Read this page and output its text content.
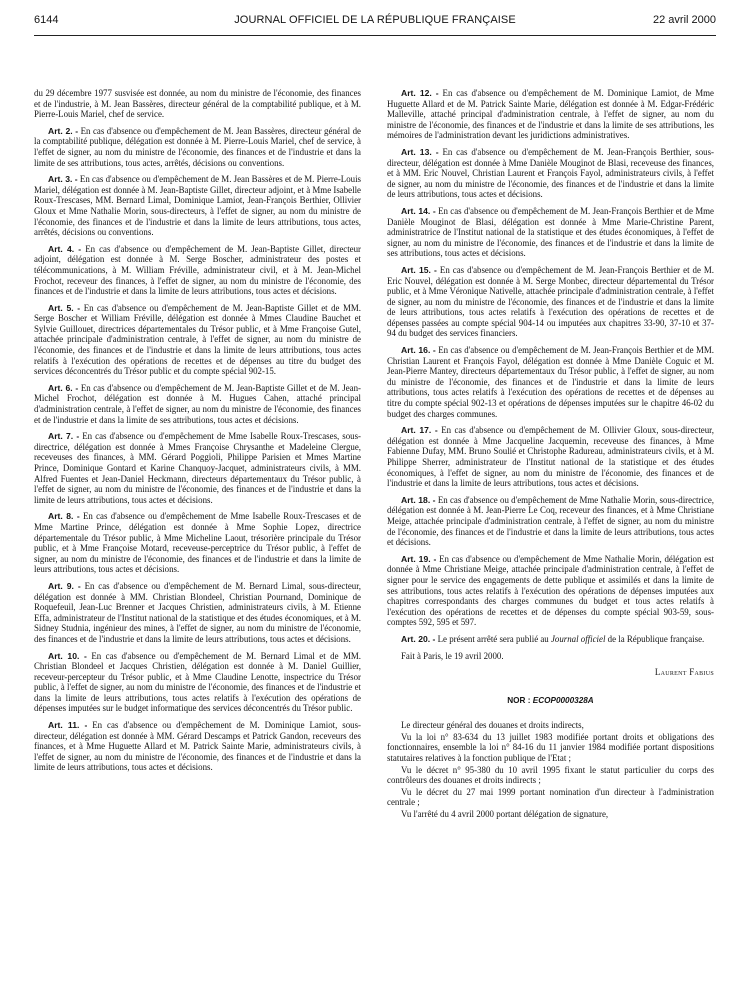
6144	JOURNAL OFFICIEL DE LA RÉPUBLIQUE FRANÇAISE	22 avril 2000

du 29 décembre 1977 susvisée est donnée, au nom du ministre de l'économie, des finances et de l'industrie, à M. Jean Bassères, directeur général de la comptabilité publique, et à M. Pierre-Louis Mariel, chef de service.

Art. 2. - En cas d'absence ou d'empêchement de M. Jean Bassères, directeur général de la comptabilité publique, délégation est donnée à M. Pierre-Louis Mariel, chef de service, à l'effet de signer, au nom du ministre de l'économie, des finances et de l'industrie et dans la limite de ses attributions, tous actes, arrêtés, décisions ou conventions.

Art. 3. - En cas d'absence ou d'empêchement de M. Jean Bassères et de M. Pierre-Louis Mariel, délégation est donnée à M. Jean-Baptiste Gillet, directeur adjoint, et à Mme Isabelle Roux-Trescases, MM. Bernard Limal, Dominique Lamiot, Jean-François Berthier, Ollivier Gloux et Mme Nathalie Morin, sous-directeurs, à l'effet de signer, au nom du ministre de l'économie, des finances et de l'industrie et dans la limite de leurs attributions, tous actes, arrêtés, décisions ou conventions.

Art. 4. - En cas d'absence ou d'empêchement de M. Jean-Baptiste Gillet, directeur adjoint, délégation est donnée à M. Serge Boscher, administrateur des postes et télécommunications, à M. William Fréville, administrateur civil, et à M. Jean-Michel Frochot, receveur des finances, à l'effet de signer, au nom du ministre de l'économie, des finances et de l'industrie et dans la limite de leurs attributions, tous actes et décisions.

Art. 5. - En cas d'absence ou d'empêchement de M. Jean-Baptiste Gillet et de MM. Serge Boscher et William Fréville, délégation est donnée à Mmes Claudine Bauchet et Sylvie Guillouet, directrices départementales du Trésor public, et à Mme Françoise Gutel, attachée principale d'administration centrale, à l'effet de signer, au nom du ministre de l'économie, des finances et de l'industrie et dans la limite de leurs attributions, tous actes relatifs à l'exécution des opérations de recettes et de dépenses au titre du budget des services déconcentrés du Trésor public et du compte spécial 902-15.

Art. 6. - En cas d'absence ou d'empêchement de M. Jean-Baptiste Gillet et de M. Jean-Michel Frochot, délégation est donnée à M. Hugues Cahen, attaché principal d'administration centrale, à l'effet de signer, au nom du ministre de l'économie, des finances et de l'industrie et dans la limite de ses attributions, tous actes et décisions.

Art. 7. - En cas d'absence ou d'empêchement de Mme Isabelle Roux-Trescases, sous-directrice, délégation est donnée à Mmes Françoise Chrysanthe et Madeleine Clergue, receveuses des finances, à MM. Gérard Poggioli, Philippe Parisien et Mmes Martine Prince, Dominique Gontard et Karine Chanquoy-Jacquet, administrateurs civils, à MM. Alfred Fuentes et Jean-Daniel Heckmann, directeurs départementaux du Trésor public, à l'effet de signer, au nom du ministre de l'économie, des finances et de l'industrie et dans la limite de leurs attributions, tous actes et décisions.

Art. 8. - En cas d'absence ou d'empêchement de Mme Isabelle Roux-Trescases et de Mme Martine Prince, délégation est donnée à Mme Sophie Lopez, directrice départementale du Trésor public, à Mme Micheline Laout, trésorière principale du Trésor public, et à Mme Françoise Motard, receveuse-perceptrice du Trésor public, à l'effet de signer, au nom du ministre de l'économie, des finances et de l'industrie et dans la limite de leurs attributions, tous actes et décisions.

Art. 9. - En cas d'absence ou d'empêchement de M. Bernard Limal, sous-directeur, délégation est donnée à MM. Christian Blondeel, Christian Pournand, Dominique de Roquefeuil, Jean-Luc Brenner et Jacques Christien, administrateurs civils, à M. Etienne Effa, administrateur de l'Institut national de la statistique et des études économiques, et à M. Sidney Studnia, ingénieur des mines, à l'effet de signer, au nom du ministre de l'économie, des finances et de l'industrie et dans la limite de leurs attributions, tous actes et décisions.

Art. 10. - En cas d'absence ou d'empêchement de M. Bernard Limal et de MM. Christian Blondeel et Jacques Christien, délégation est donnée à M. Daniel Guillier, receveur-percepteur du Trésor public, et à Mme Claudine Lenotte, inspectrice du Trésor public, à l'effet de signer, au nom du ministre de l'économie, des finances et de l'industrie et dans la limite de leurs attributions, tous actes relatifs à l'exécution des opérations de dépenses imputées sur le budget informatique des services déconcentrés du Trésor public.

Art. 11. - En cas d'absence ou d'empêchement de M. Dominique Lamiot, sous-directeur, délégation est donnée à MM. Gérard Descamps et Patrick Gandon, receveurs des finances, et à Mme Huguette Allard et M. Patrick Sainte Marie, administrateurs civils, à l'effet de signer, au nom du ministre de l'économie, des finances et de l'industrie et dans la limite de leurs attributions, tous actes et décisions.

Art. 12. - En cas d'absence ou d'empêchement de M. Dominique Lamiot, de Mme Huguette Allard et de M. Patrick Sainte Marie, délégation est donnée à M. Edgar-Frédéric Malleville, attaché principal d'administration centrale, à l'effet de signer, au nom du ministre de l'économie, des finances et de l'industrie et dans la limite de ses attributions, les mémoires de l'administration devant les juridictions administratives.

Art. 13. - En cas d'absence ou d'empêchement de M. Jean-François Berthier, sous-directeur, délégation est donnée à Mme Danièle Mouginot de Blasi, receveuse des finances, et à MM. Eric Nouvel, Christian Laurent et François Fayol, administrateurs civils, à l'effet de signer, au nom du ministre de l'économie, des finances et de l'industrie et dans la limite de leurs attributions, tous actes et décisions.

Art. 14. - En cas d'absence ou d'empêchement de M. Jean-François Berthier et de Mme Danièle Mouginot de Blasi, délégation est donnée à Mme Marie-Christine Parent, administratrice de l'Institut national de la statistique et des études économiques, à l'effet de signer, au nom du ministre de l'économie, des finances et de l'industrie et dans la limite de ses attributions, tous actes et décisions.

Art. 15. - En cas d'absence ou d'empêchement de M. Jean-François Berthier et de M. Eric Nouvel, délégation est donnée à M. Serge Monbec, directeur départemental du Trésor public, et à Mme Véronique Nativelle, attachée principale d'administration centrale, à l'effet de signer, au nom du ministre de l'économie, des finances et de l'industrie et dans la limite de leurs attributions, tous actes relatifs à l'exécution des opérations de recettes et de dépenses passées au compte spécial 904-14 ou imputées aux chapitres 33-90, 37-10 et 37-94 du budget des services financiers.

Art. 16. - En cas d'absence ou d'empêchement de M. Jean-François Berthier et de MM. Christian Laurent et François Fayol, délégation est donnée à Mme Danièle Coguic et M. Jean-Pierre Mantey, directeurs départementaux du Trésor public, à l'effet de signer, au nom du ministre de l'économie, des finances et de l'industrie et dans la limite de leurs attributions, tous actes relatifs à l'exécution des opérations de recettes et de dépenses au titre du compte spécial 902-13 et opérations de dépenses imputées sur le chapitre 46-02 du budget des charges communes.

Art. 17. - En cas d'absence ou d'empêchement de M. Ollivier Gloux, sous-directeur, délégation est donnée à Mme Jacqueline Jacquemin, receveuse des finances, à Mme Fabienne Dufay, MM. Bruno Soulié et Christophe Radureau, administrateurs civils, et à M. Philippe Sherrer, administrateur de l'Institut national de la statistique et des études économiques, à l'effet de signer, au nom du ministre de l'économie, des finances et de l'industrie et dans la limite de leurs attributions, tous actes et décisions.

Art. 18. - En cas d'absence ou d'empêchement de Mme Nathalie Morin, sous-directrice, délégation est donnée à M. Jean-Pierre Le Coq, receveur des finances, et à Mme Christiane Meige, attachée principale d'administration centrale, à l'effet de signer, au nom du ministre de l'économie, des finances et de l'industrie et dans la limite de leurs attributions, tous actes et décisions.

Art. 19. - En cas d'absence ou d'empêchement de Mme Nathalie Morin, délégation est donnée à Mme Christiane Meige, attachée principale d'administration centrale, à l'effet de signer pour le service des engagements de dette publique et assimilés et dans la limite de ses attributions, tous actes relatifs à l'exécution des opérations de dépenses imputées aux chapitres correspondants des charges communes du budget et tous actes relatifs à l'exécution des opérations de recettes et de dépenses du compte spécial 903-59, sous-comptes 592, 595 et 597.

Art. 20. - Le présent arrêté sera publié au Journal officiel de la République française.

Fait à Paris, le 19 avril 2000.

Laurent Fabius

NOR : ECOP0000328A

Le directeur général des douanes et droits indirects,

Vu la loi n° 83-634 du 13 juillet 1983 modifiée portant droits et obligations des fonctionnaires, ensemble la loi n° 84-16 du 11 janvier 1984 modifiée portant dispositions statutaires relatives à la fonction publique de l'Etat ;

Vu le décret n° 95-380 du 10 avril 1995 fixant le statut particulier du corps des contrôleurs des douanes et droits indirects ;

Vu le décret du 27 mai 1999 portant nomination d'un directeur à l'administration centrale ;

Vu l'arrêté du 4 avril 2000 portant délégation de signature,
